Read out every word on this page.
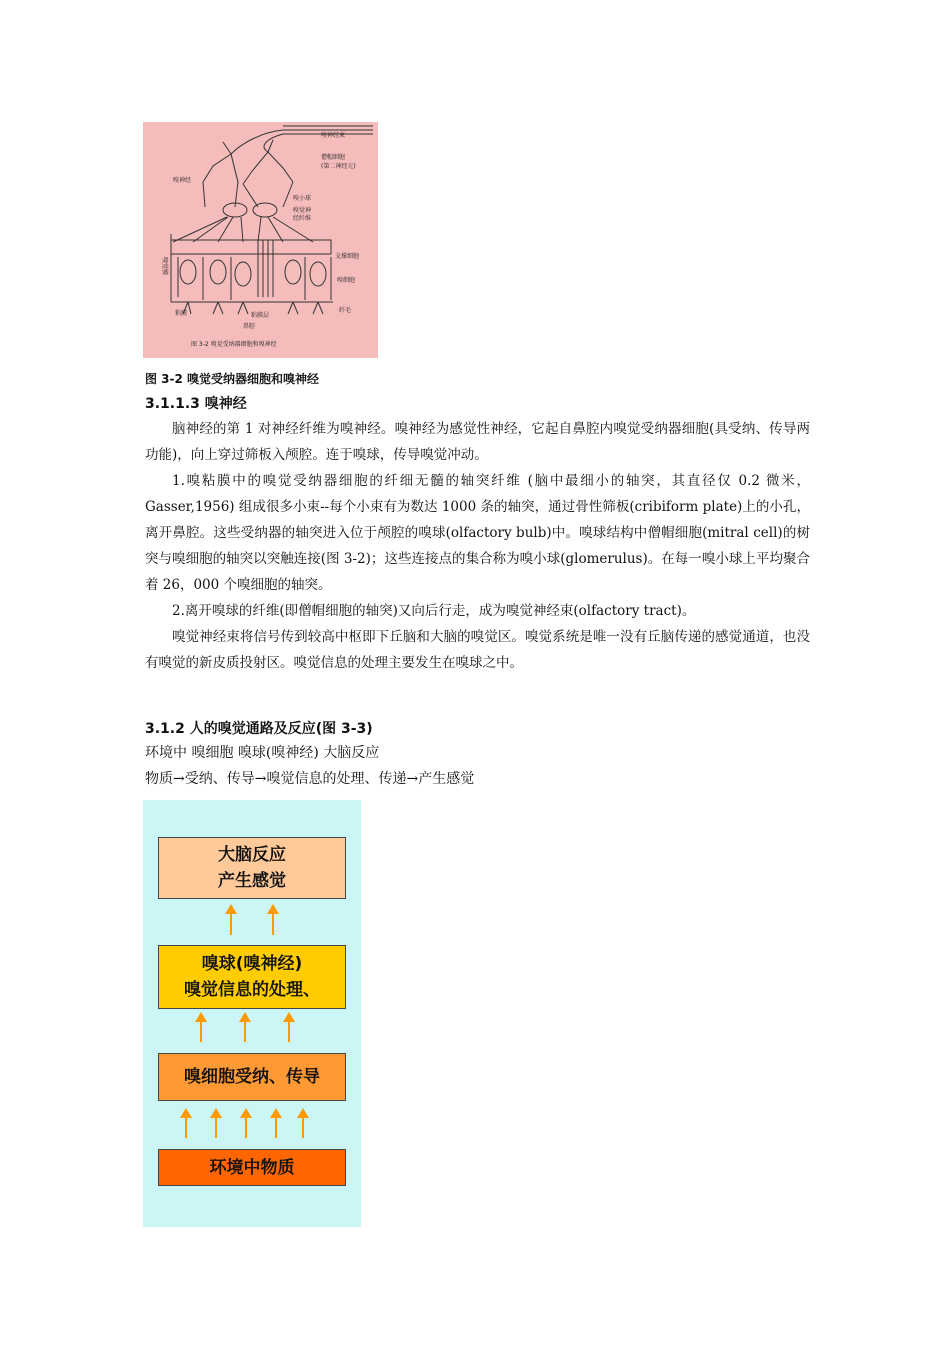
嗅神经束
僧帽细胞
(第二神经元)
嗅神经
嗅小球
嗅觉神
经纤维
支撑细胞
嗅细胞
嗅觉膜
纤毛
粘膜	粘膜层
鼻腔
图 3-2 嗅觉受纳器细胞和嗅神经
图 3-2 嗅觉受纳器细胞和嗅神经
3.1.1.3 嗅神经

脑神经的第 1 对神经纤维为嗅神经。嗅神经为感觉性神经，它起自鼻腔内嗅觉受纳器细胞(具受纳、传导两功能)，向上穿过筛板入颅腔。连于嗅球，传导嗅觉冲动。

1.嗅粘膜中的嗅觉受纳器细胞的纤细无髓的轴突纤维 (脑中最细小的轴突，其直径仅 0.2 微米，Gasser,1956) 组成很多小束--每个小束有为数达 1000 条的轴突，通过骨性筛板(cribiform plate)上的小孔，离开鼻腔。这些受纳器的轴突进入位于颅腔的嗅球(olfactory bulb)中。嗅球结构中僧帽细胞(mitral cell)的树突与嗅细胞的轴突以突触连接(图 3-2)；这些连接点的集合称为嗅小球(glomerulus)。在每一嗅小球上平均聚合着 26，000 个嗅细胞的轴突。

2.离开嗅球的纤维(即僧帽细胞的轴突)又向后行走，成为嗅觉神经束(olfactory tract)。

嗅觉神经束将信号传到较高中枢即下丘脑和大脑的嗅觉区。嗅觉系统是唯一没有丘脑传递的感觉通道，也没有嗅觉的新皮质投射区。嗅觉信息的处理主要发生在嗅球之中。

3.1.2 人的嗅觉通路及反应(图 3-3)
环境中 嗅细胞 嗅球(嗅神经) 大脑反应
物质→受纳、传导→嗅觉信息的处理、传递→产生感觉
大脑反应
产生感觉
嗅球(嗅神经)
嗅觉信息的处理、
嗅细胞受纳、传导
环境中物质
